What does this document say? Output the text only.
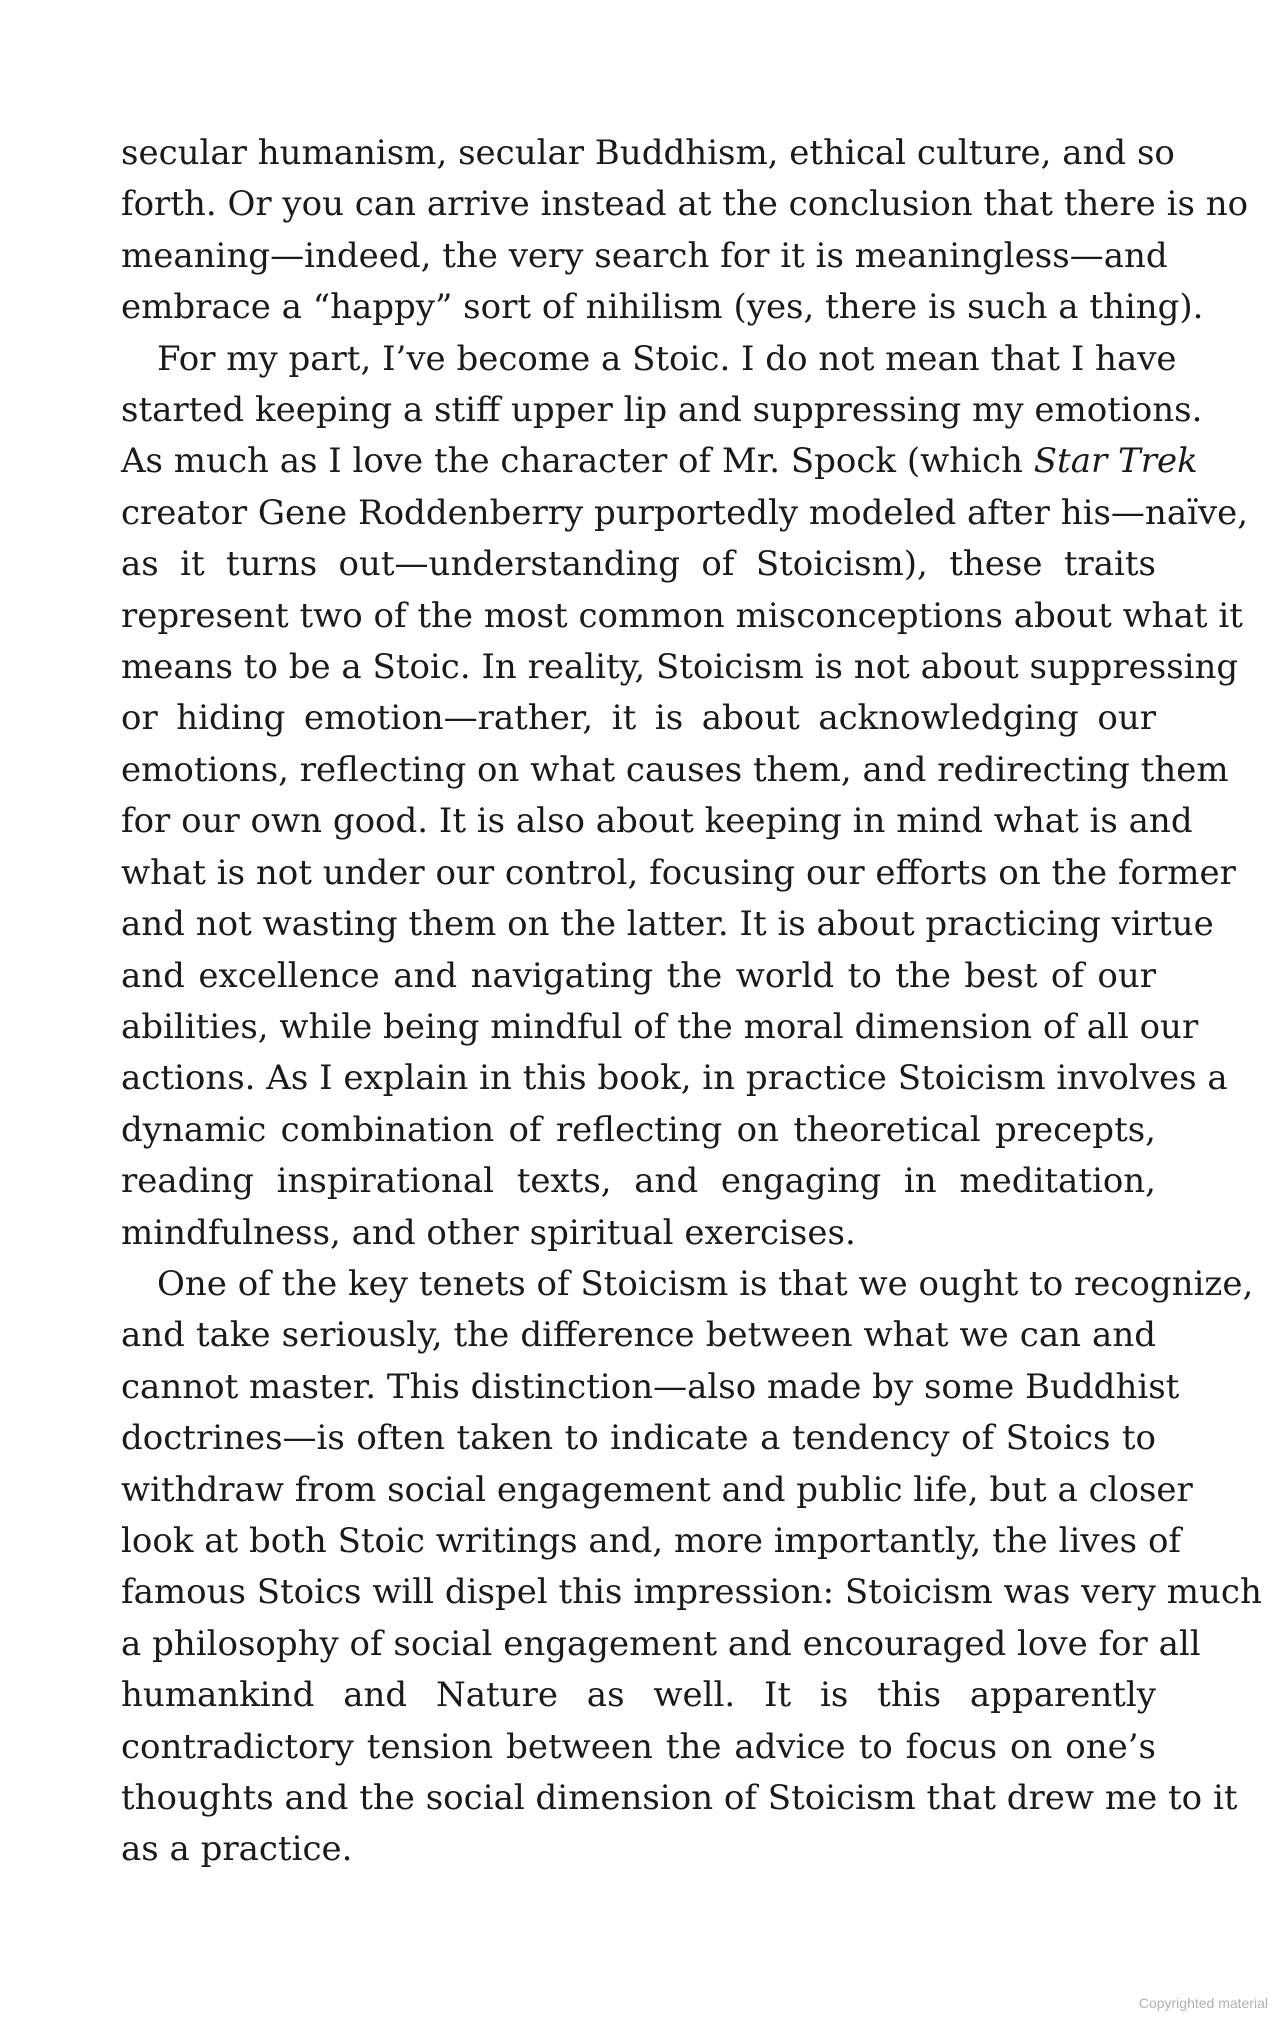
secular humanism, secular Buddhism, ethical culture, and so
forth. Or you can arrive instead at the conclusion that there is no
meaning—indeed, the very search for it is meaningless—and
embrace a “happy” sort of nihilism (yes, there is such a thing).

For my part, I’ve become a Stoic. I do not mean that I have
started keeping a stiff upper lip and suppressing my emotions.
As much as I love the character of Mr. Spock (which Star Trek
creator Gene Roddenberry purportedly modeled after his—naïve,
as it turns out—understanding of Stoicism), these traits
represent two of the most common misconceptions about what it
means to be a Stoic. In reality, Stoicism is not about suppressing
or hiding emotion—rather, it is about acknowledging our
emotions, reflecting on what causes them, and redirecting them
for our own good. It is also about keeping in mind what is and
what is not under our control, focusing our efforts on the former
and not wasting them on the latter. It is about practicing virtue
and excellence and navigating the world to the best of our
abilities, while being mindful of the moral dimension of all our
actions. As I explain in this book, in practice Stoicism involves a
dynamic combination of reflecting on theoretical precepts,
reading inspirational texts, and engaging in meditation,
mindfulness, and other spiritual exercises.

One of the key tenets of Stoicism is that we ought to recognize,
and take seriously, the difference between what we can and
cannot master. This distinction—also made by some Buddhist
doctrines—is often taken to indicate a tendency of Stoics to
withdraw from social engagement and public life, but a closer
look at both Stoic writings and, more importantly, the lives of
famous Stoics will dispel this impression: Stoicism was very much
a philosophy of social engagement and encouraged love for all
humankind and Nature as well. It is this apparently
contradictory tension between the advice to focus on one’s
thoughts and the social dimension of Stoicism that drew me to it
as a practice.

Copyrighted material
